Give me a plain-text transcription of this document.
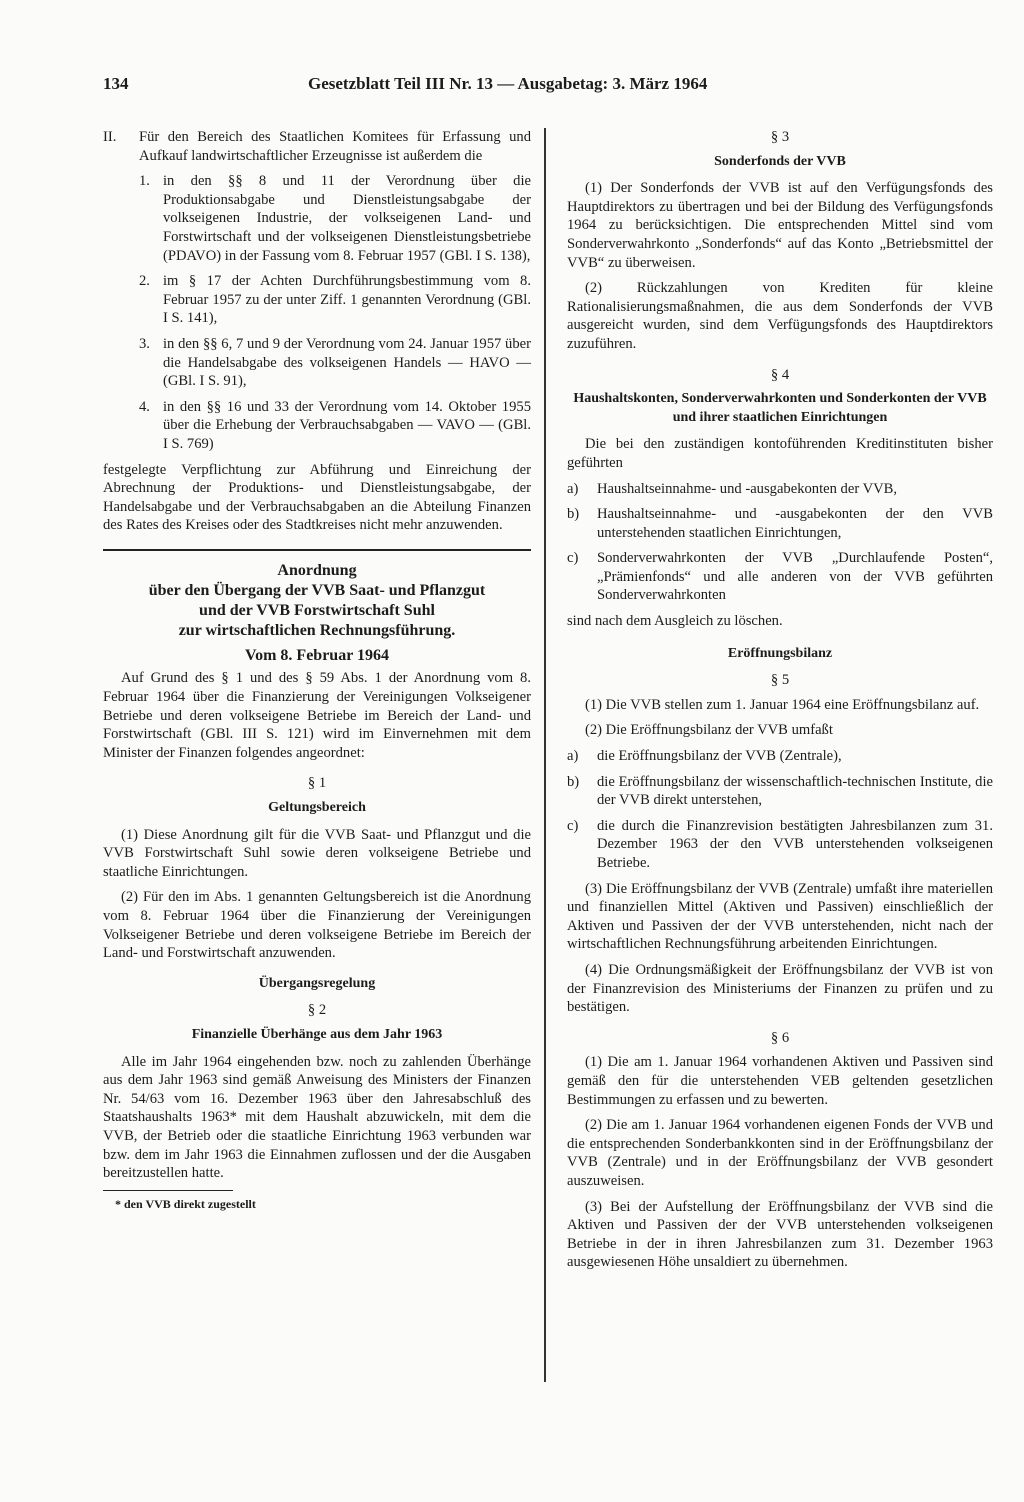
134	Gesetzblatt Teil III Nr. 13 — Ausgabetag: 3. März 1964
II.	Für den Bereich des Staatlichen Komitees für Erfassung und Aufkauf landwirtschaftlicher Erzeugnisse ist außerdem die
1. in den §§ 8 und 11 der Verordnung über die Produktionsabgabe und Dienstleistungsabgabe der volkseigenen Industrie, der volkseigenen Land- und Forstwirtschaft und der volkseigenen Dienstleistungsbetriebe (PDAVO) in der Fassung vom 8. Februar 1957 (GBl. I S. 138),
2. im § 17 der Achten Durchführungsbestimmung vom 8. Februar 1957 zu der unter Ziff. 1 genannten Verordnung (GBl. I S. 141),
3. in den §§ 6, 7 und 9 der Verordnung vom 24. Januar 1957 über die Handelsabgabe des volkseigenen Handels — HAVO — (GBl. I S. 91),
4. in den §§ 16 und 33 der Verordnung vom 14. Oktober 1955 über die Erhebung der Verbrauchsabgaben — VAVO — (GBl. I S. 769)

festgelegte Verpflichtung zur Abführung und Einreichung der Abrechnung der Produktions- und Dienstleistungsabgabe, der Handelsabgabe und der Verbrauchsabgaben an die Abteilung Finanzen des Rates des Kreises oder des Stadtkreises nicht mehr anzuwenden.

Anordnung
über den Übergang der VVB Saat- und Pflanzgut
und der VVB Forstwirtschaft Suhl
zur wirtschaftlichen Rechnungsführung.
Vom 8. Februar 1964

Auf Grund des § 1 und des § 59 Abs. 1 der Anordnung vom 8. Februar 1964 über die Finanzierung der Vereinigungen Volkseigener Betriebe und deren volkseigene Betriebe im Bereich der Land- und Forstwirtschaft (GBl. III S. 121) wird im Einvernehmen mit dem Minister der Finanzen folgendes angeordnet:

§ 1
Geltungsbereich

(1) Diese Anordnung gilt für die VVB Saat- und Pflanzgut und die VVB Forstwirtschaft Suhl sowie deren volkseigene Betriebe und staatliche Einrichtungen.

(2) Für den im Abs. 1 genannten Geltungsbereich ist die Anordnung vom 8. Februar 1964 über die Finanzierung der Vereinigungen Volkseigener Betriebe und deren volkseigene Betriebe im Bereich der Land- und Forstwirtschaft anzuwenden.

Übergangsregelung
§ 2
Finanzielle Überhänge aus dem Jahr 1963

Alle im Jahr 1964 eingehenden bzw. noch zu zahlenden Überhänge aus dem Jahr 1963 sind gemäß Anweisung des Ministers der Finanzen Nr. 54/63 vom 16. Dezember 1963 über den Jahresabschluß des Staatshaushalts 1963* mit dem Haushalt abzuwickeln, mit dem die VVB, der Betrieb oder die staatliche Einrichtung 1963 verbunden war bzw. dem im Jahr 1963 die Einnahmen zuflossen und der die Ausgaben bereitzustellen hatte.

* den VVB direkt zugestellt

§ 3
Sonderfonds der VVB

(1) Der Sonderfonds der VVB ist auf den Verfügungsfonds des Hauptdirektors zu übertragen und bei der Bildung des Verfügungsfonds 1964 zu berücksichtigen. Die entsprechenden Mittel sind vom Sonderverwahrkonto „Sonderfonds“ auf das Konto „Betriebsmittel der VVB“ zu überweisen.

(2) Rückzahlungen von Krediten für kleine Rationalisierungsmaßnahmen, die aus dem Sonderfonds der VVB ausgereicht wurden, sind dem Verfügungsfonds des Hauptdirektors zuzuführen.

§ 4
Haushaltskonten, Sonderverwahrkonten und Sonderkonten der VVB und ihrer staatlichen Einrichtungen

Die bei den zuständigen kontoführenden Kreditinstituten bisher geführten

a)	Haushaltseinnahme- und -ausgabekonten der VVB,
b)	Haushaltseinnahme- und -ausgabekonten der den VVB unterstehenden staatlichen Einrichtungen,
c)	Sonderverwahrkonten der VVB „Durchlaufende Posten“, „Prämienfonds“ und alle anderen von der VVB geführten Sonderverwahrkonten

sind nach dem Ausgleich zu löschen.

Eröffnungsbilanz
§ 5

(1) Die VVB stellen zum 1. Januar 1964 eine Eröffnungsbilanz auf.

(2) Die Eröffnungsbilanz der VVB umfaßt

a)	die Eröffnungsbilanz der VVB (Zentrale),
b)	die Eröffnungsbilanz der wissenschaftlich-technischen Institute, die der VVB direkt unterstehen,
c)	die durch die Finanzrevision bestätigten Jahresbilanzen zum 31. Dezember 1963 der den VVB unterstehenden volkseigenen Betriebe.

(3) Die Eröffnungsbilanz der VVB (Zentrale) umfaßt ihre materiellen und finanziellen Mittel (Aktiven und Passiven) einschließlich der Aktiven und Passiven der der VVB unterstehenden, nicht nach der wirtschaftlichen Rechnungsführung arbeitenden Einrichtungen.

(4) Die Ordnungsmäßigkeit der Eröffnungsbilanz der VVB ist von der Finanzrevision des Ministeriums der Finanzen zu prüfen und zu bestätigen.

§ 6

(1) Die am 1. Januar 1964 vorhandenen Aktiven und Passiven sind gemäß den für die unterstehenden VEB geltenden gesetzlichen Bestimmungen zu erfassen und zu bewerten.

(2) Die am 1. Januar 1964 vorhandenen eigenen Fonds der VVB und die entsprechenden Sonderbankkonten sind in der Eröffnungsbilanz der VVB (Zentrale) und in der Eröffnungsbilanz der VVB gesondert auszuweisen.

(3) Bei der Aufstellung der Eröffnungsbilanz der VVB sind die Aktiven und Passiven der der VVB unterstehenden volkseigenen Betriebe in der in ihren Jahresbilanzen zum 31. Dezember 1963 ausgewiesenen Höhe unsaldiert zu übernehmen.
